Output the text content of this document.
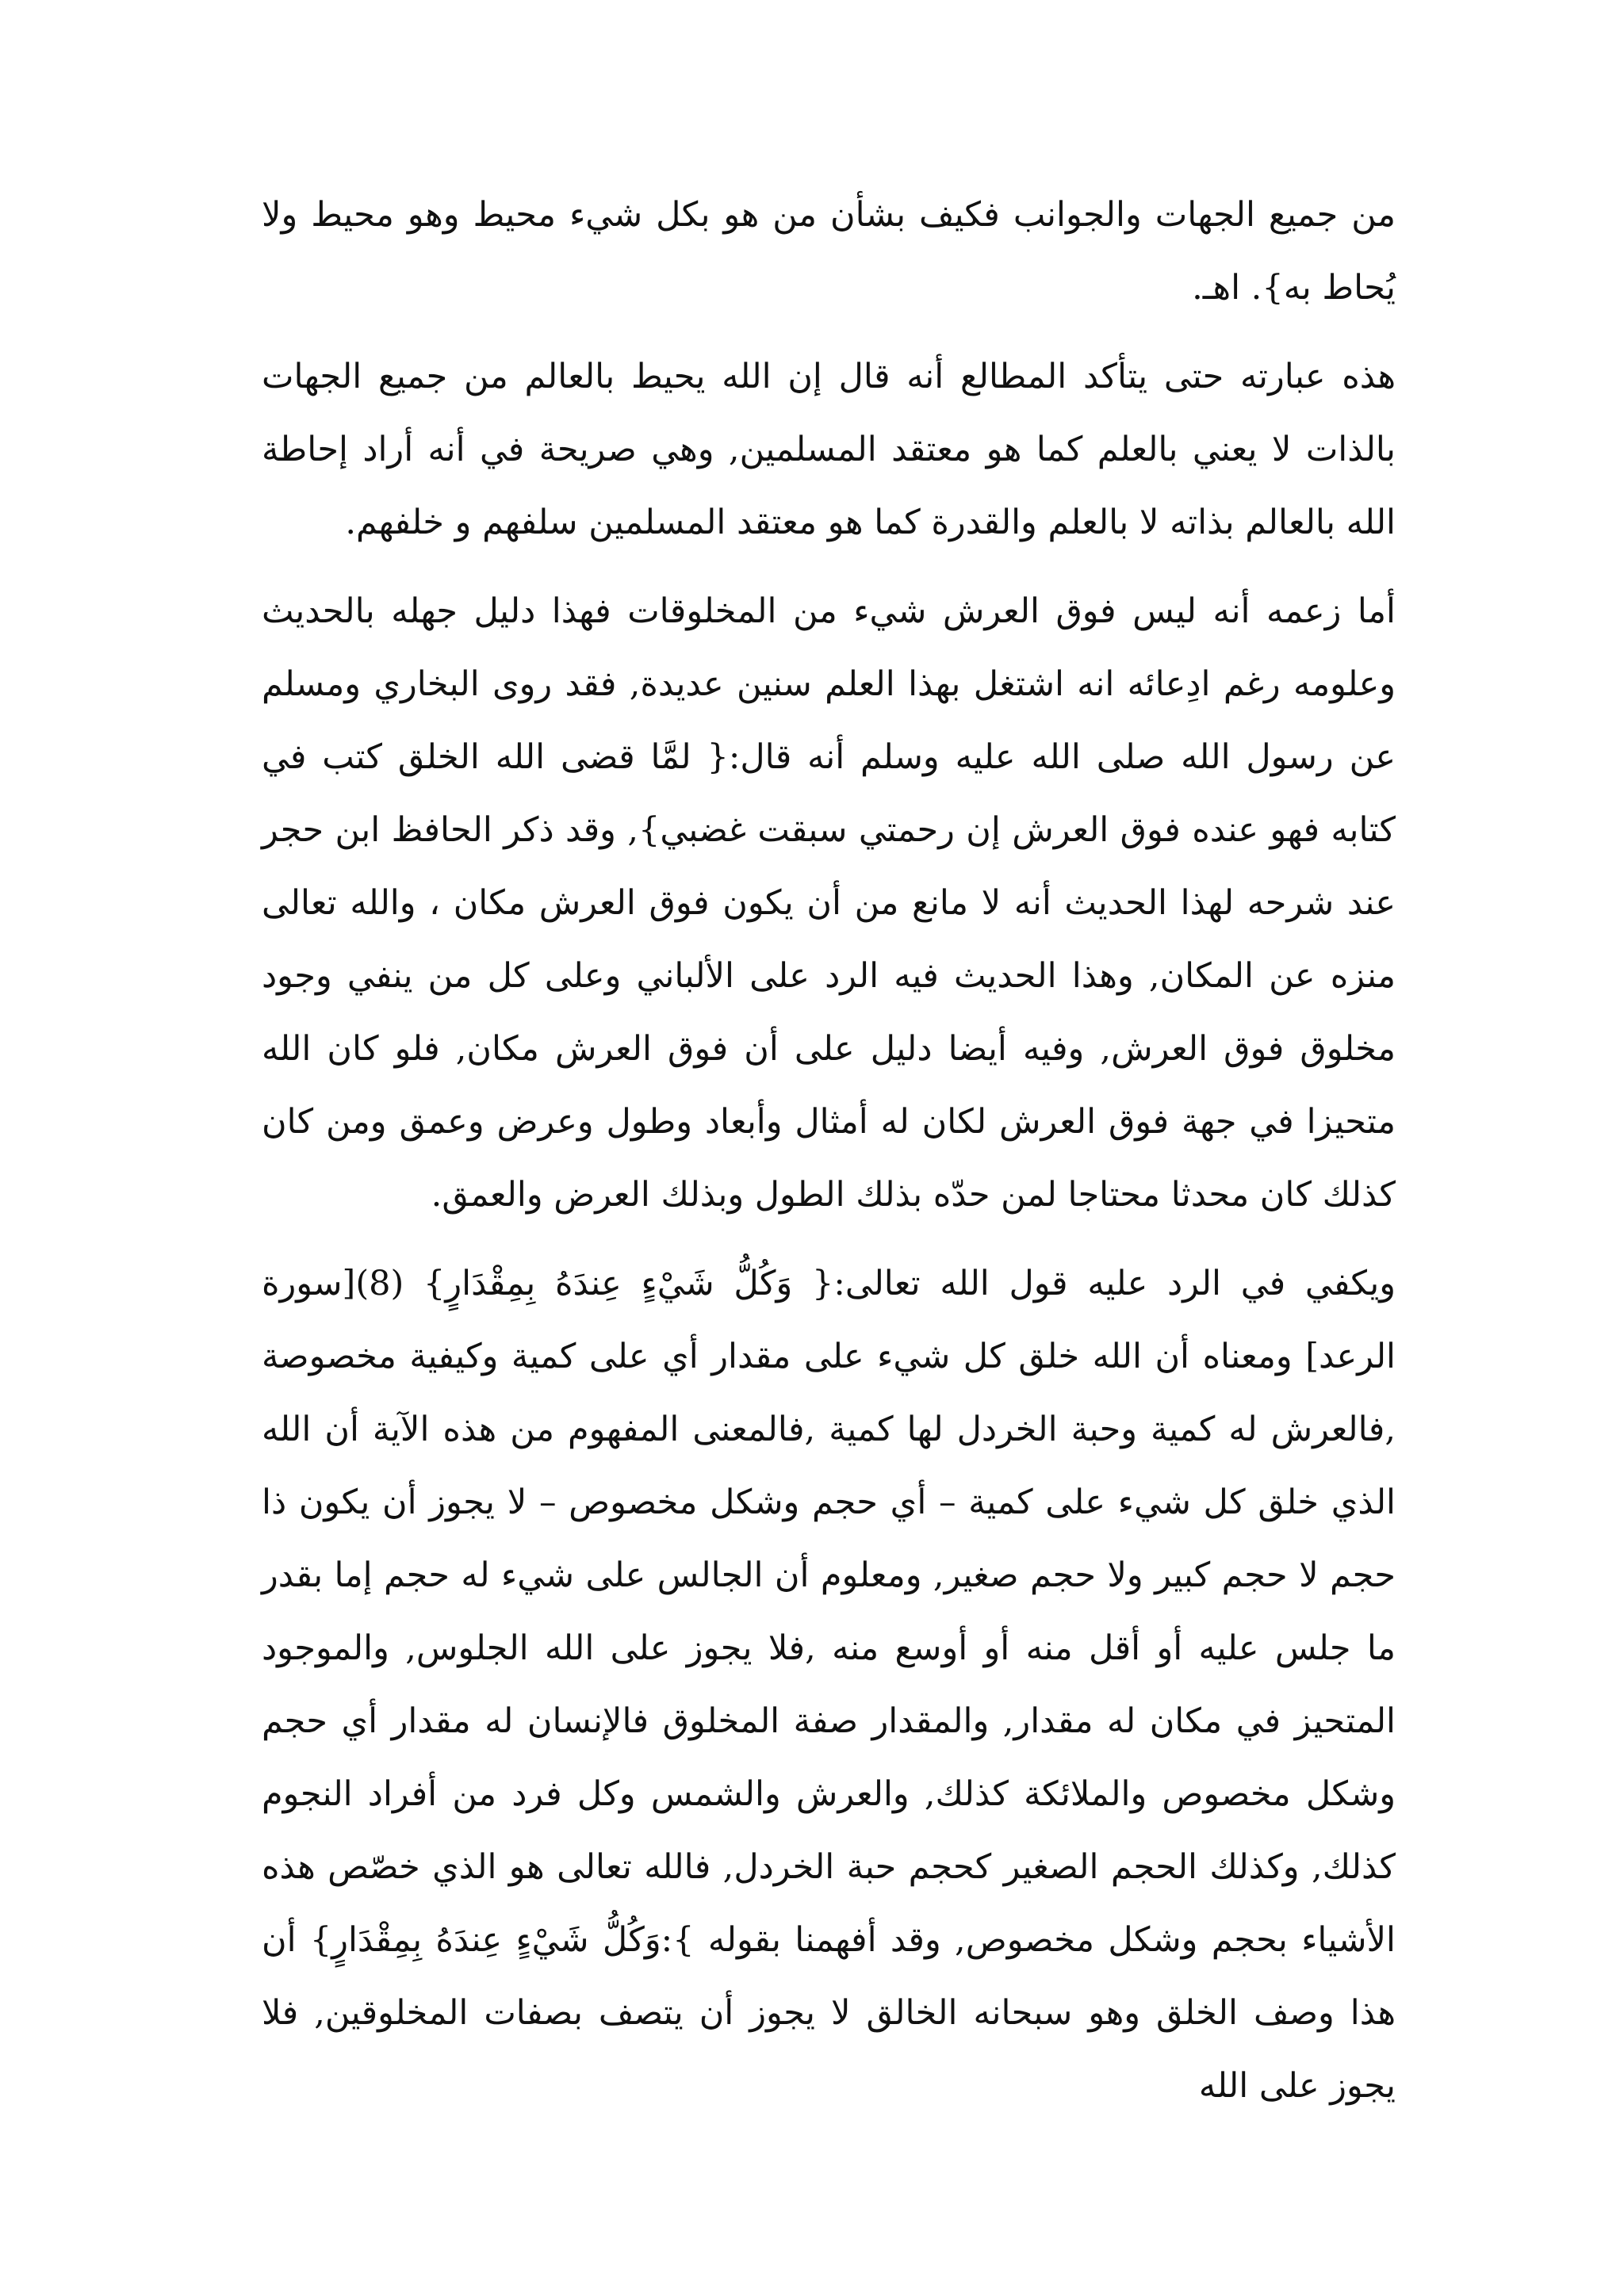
من جميع الجهات والجوانب فكيف بشأن من هو بكل شيء محيط وهو محيط ولا يُحاط به}. اهـ.

هذه عبارته حتى يتأكد المطالع أنه قال إن الله يحيط بالعالم من جميع الجهات بالذات لا يعني بالعلم كما هو معتقد المسلمين, وهي صريحة في أنه أراد إحاطة الله بالعالم بذاته لا بالعلم والقدرة كما هو معتقد المسلمين سلفهم و خلفهم.

أما زعمه أنه ليس فوق العرش شيء من المخلوقات فهذا دليل جهله بالحديث وعلومه رغم ادِعائه انه اشتغل بهذا العلم سنين عديدة, فقد روى البخاري ومسلم عن رسول الله صلى الله عليه وسلم أنه قال:{ لمَّا قضى الله الخلق كتب في كتابه فهو عنده فوق العرش إن رحمتي سبقت غضبي}, وقد ذكر الحافظ ابن حجر عند شرحه لهذا الحديث أنه لا مانع من أن يكون فوق العرش مكان ، والله تعالى منزه عن المكان, وهذا الحديث فيه الرد على الألباني وعلى كل من ينفي وجود مخلوق فوق العرش, وفيه أيضا دليل على أن فوق العرش مكان, فلو كان الله متحيزا في جهة فوق العرش لكان له أمثال وأبعاد وطول وعرض وعمق ومن كان كذلك كان محدثا محتاجا لمن حدّه بذلك الطول وبذلك العرض والعمق.

ويكفي في الرد عليه قول الله تعالى:{ وَكُلُّ شَيْءٍ عِندَهُ بِمِقْدَارٍ} (8)[سورة الرعد] ومعناه أن الله خلق كل شيء على مقدار أي على كمية وكيفية مخصوصة ,فالعرش له كمية وحبة الخردل لها كمية ,فالمعنى المفهوم من هذه الآية أن الله الذي خلق كل شيء على كمية – أي حجم وشكل مخصوص – لا يجوز أن يكون ذا حجم لا حجم كبير ولا حجم صغير, ومعلوم أن الجالس على شيء له حجم إما بقدر ما جلس عليه أو أقل منه أو أوسع منه ,فلا يجوز على الله الجلوس, والموجود المتحيز في مكان له مقدار, والمقدار صفة المخلوق فالإنسان له مقدار أي حجم وشكل مخصوص والملائكة كذلك, والعرش والشمس وكل فرد من أفراد النجوم كذلك, وكذلك الحجم الصغير كحجم حبة الخردل, فالله تعالى هو الذي خصّص هذه الأشياء بحجم وشكل مخصوص, وقد أفهمنا بقوله }:وَكُلُّ شَيْءٍ عِندَهُ بِمِقْدَارٍ} أن هذا وصف الخلق وهو سبحانه الخالق لا يجوز أن يتصف بصفات المخلوقين, فلا يجوز على الله
